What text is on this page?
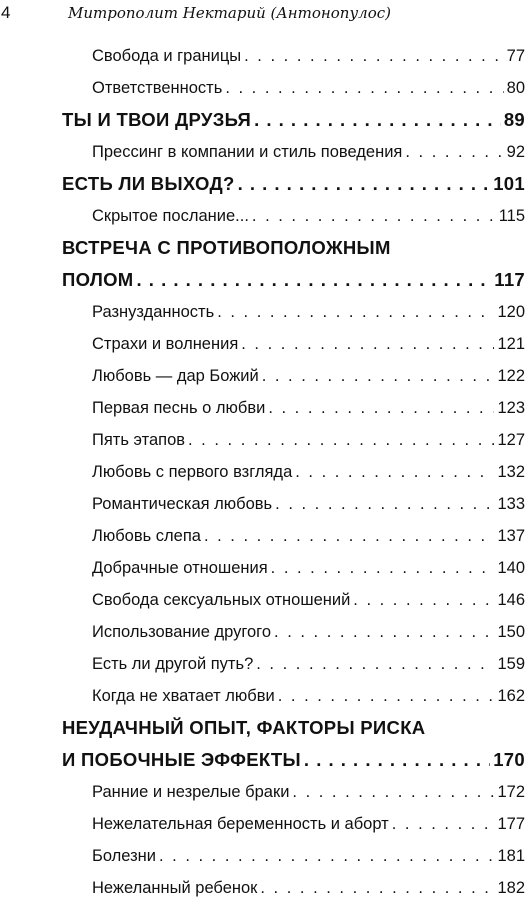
4	Митрополит Нектарий (Антонопулос)
Свобода и границы . . .	77
Ответственность . . .	80
ТЫ И ТВОИ ДРУЗЬЯ . . .	89
Прессинг в компании и стиль поведения . . .	92
ЕСТЬ ЛИ ВЫХОД? . . .	101
Скрытое послание... . . .	115
ВСТРЕЧА С ПРОТИВОПОЛОЖНЫМ
ПОЛОМ . . .	117
Разнузданность . . .	120
Страхи и волнения . . .	121
Любовь — дар Божий . . .	122
Первая песнь о любви . . .	123
Пять этапов . . .	127
Любовь с первого взгляда . . .	132
Романтическая любовь . . .	133
Любовь слепа . . .	137
Добрачные отношения . . .	140
Свобода сексуальных отношений . . .	146
Использование другого . . .	150
Есть ли другой путь? . . .	159
Когда не хватает любви . . .	162
НЕУДАЧНЫЙ ОПЫТ, ФАКТОРЫ РИСКА
И ПОБОЧНЫЕ ЭФФЕКТЫ . . .	170
Ранние и незрелые браки . . .	172
Нежелательная беременность и аборт . . .	177
Болезни . . .	181
Нежеланный ребенок . . .	182
